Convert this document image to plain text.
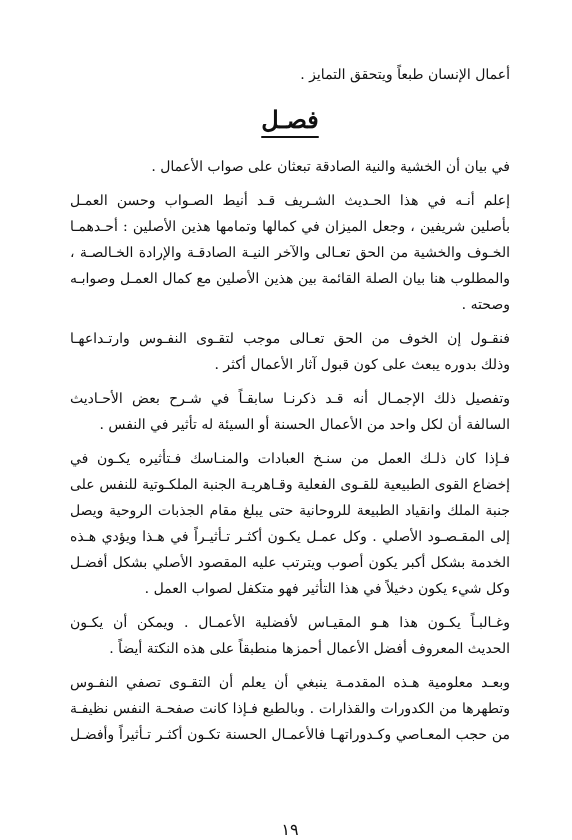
أعمال الإنسان طبعاً ويتحقق التمايز .
فصـل
في بيان أن الخشية والنية الصادقة تبعثان على صواب الأعمال .
إعلم أنـه في هذا الحـديث الشـريف قـد أنيط الصـواب وحسن العمـل
بأصلين شريفين ، وجعل الميزان في كمالها وتمامها هذين الأصلين : أحـدهمـا
الخـوف والخشية من الحق تعـالى والآخر النيـة الصادقـة والإرادة الخـالصـة ،
والمطلوب هنا بيان الصلة القائمة بين هذين الأصلين مع كمال العمـل وصوابـه
وصحته .
فنقـول إن الخوف من الحق تعـالى موجب لتقـوى النفـوس وارتـداعهـا
وذلك بدوره يبعث على كون قبول آثار الأعمال أكثر .
وتفصيل ذلك الإجمـال أنه قـد ذكرنـا سابقـاً في شـرح بعض الأحـاديث
السالفة أن لكل واحد من الأعمال الحسنة أو السيئة له تأثير في النفس .
فـإذا كان ذلـك العمل من سنـخ العبادات والمنـاسك فـتأثيره يكـون في
إخضاع القوى الطبيعية للقـوى الفعلية وقـاهريـة الجنبة الملكـوتية للنفس على
جنبة الملك وانقياد الطبيعة للروحانية حتى يبلغ مقام الجذبات الروحية ويصل
إلى المقـصـود الأصلي . وكل عمـل يكـون أكثـر تـأثيـراً في هـذا ويؤدي هـذه
الخدمة بشكل أكبر يكون أصوب ويترتب عليه المقصود الأصلي بشكل أفضـل
وكل شيء يكون دخيلاً في هذا التأثير فهو متكفل لصواب العمل .
وغـالبـاً يكـون هذا هـو المقيـاس لأفضلية الأعمـال . ويمكن أن يكـون
الحديث المعروف أفضل الأعمال أحمزها منطبقاً على هذه النكتة أيضاً .
وبعـد معلومية هـذه المقدمـة ينبغي أن يعلم أن التقـوى تصفي النفـوس
وتطهرها من الكدورات والقذارات . وبالطبع فـإذا كانت صفحـة النفس نظيفـة
من حجب المعـاصي وكـدوراتهـا فالأعمـال الحسنة تكـون أكثـر تـأثيراً وأفضـل
١٩
